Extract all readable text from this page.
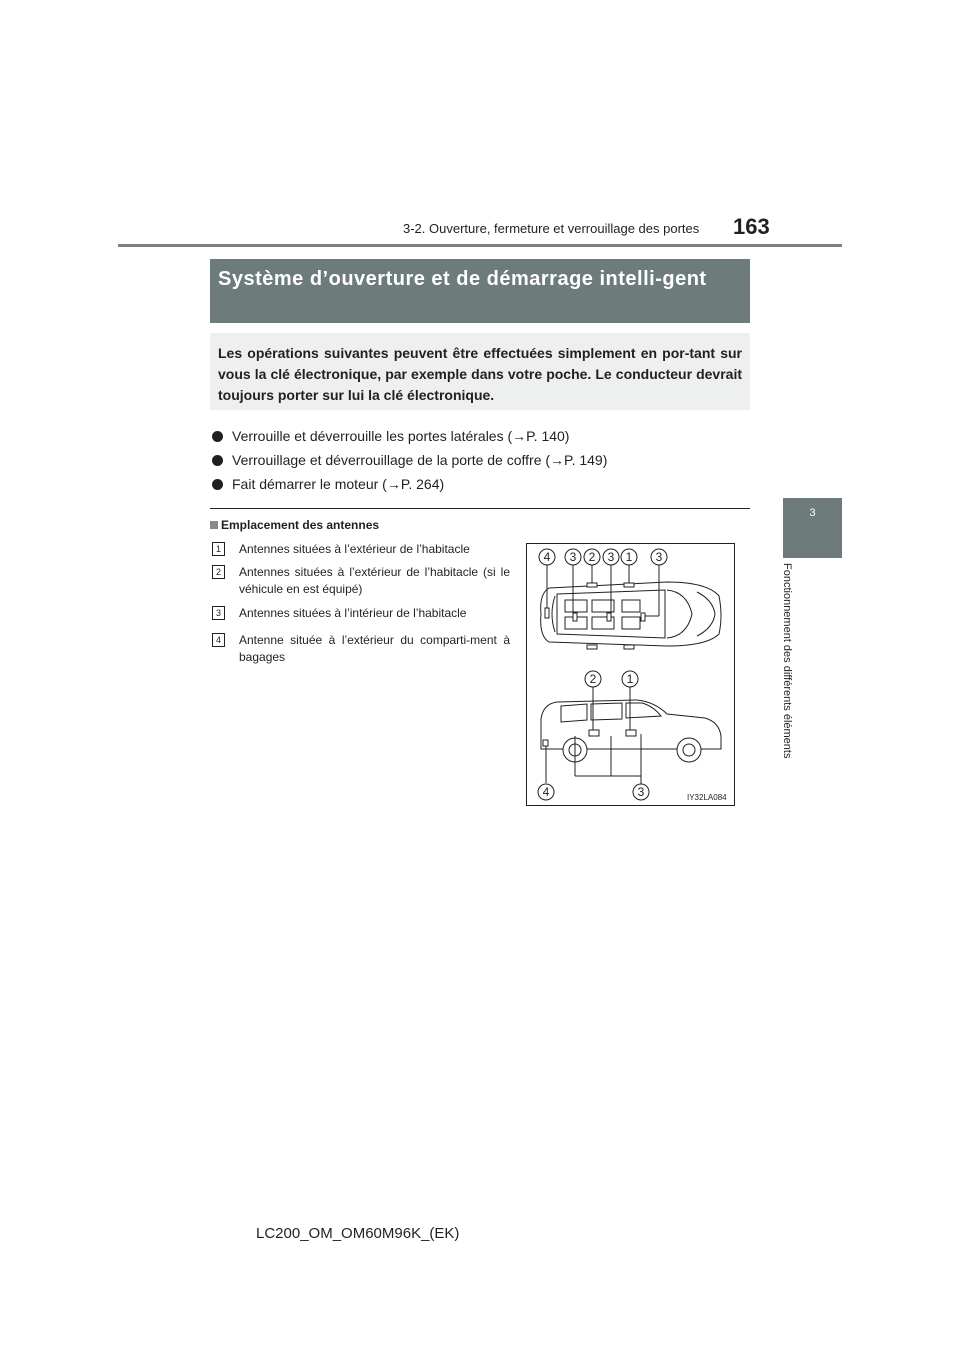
3-2. Ouverture, fermeture et verrouillage des portes 163
3
Fonctionnement des différents éléments
Système d’ouverture et de démarrage intelli-gent
Les opérations suivantes peuvent être effectuées simplement en por-tant sur vous la clé électronique, par exemple dans votre poche. Le conducteur devrait toujours porter sur lui la clé électronique.
Verrouille et déverrouille les portes latérales (→P. 140)
Verrouillage et déverrouillage de la porte de coffre (→P. 149)
Fait démarrer le moteur (→P. 264)
Emplacement des antennes
1	Antennes situées à l’extérieur de l’habitacle
2	Antennes situées à l’extérieur de l’habitacle (si le véhicule en est équipé)
3	Antennes situées à l’intérieur de l’habitacle
4	Antenne située à l’extérieur du comparti-ment à bagages
4 3 2 3 1 3
2	1
4	3	IY32LA084
LC200_OM_OM60M96K_(EK)
